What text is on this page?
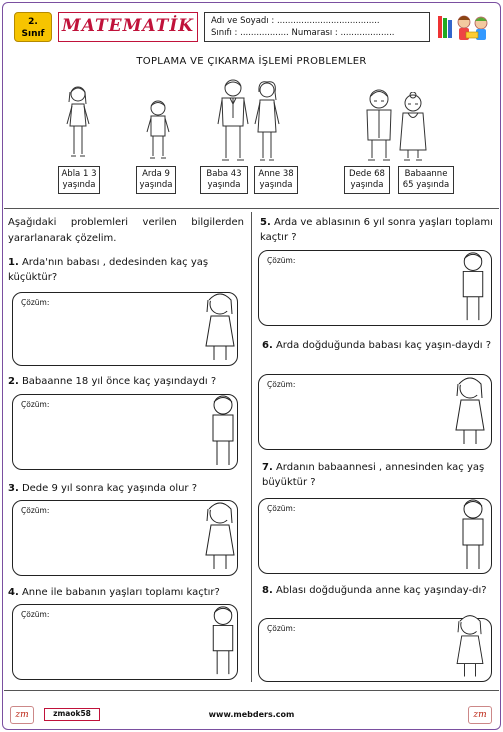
2.
Sınıf	MATEMATİK	Adı ve Soyadı : ......................................
Sınıfı : .................. Numarası : ....................
TOPLAMA VE ÇIKARMA İŞLEMİ PROBLEMLER
Abla 1 3
yaşında
Arda 9
yaşında
Baba 43
yaşında
Anne 38
yaşında
Dede 68
yaşında
Babaanne
65 yaşında
Aşağıdaki problemleri verilen bilgilerden yararlanarak çözelim.
1. Arda'nın babası , dedesinden kaç yaş küçüktür?
Çözüm:
2. Babaanne 18 yıl önce kaç yaşındaydı ?
Çözüm:
3. Dede 9 yıl sonra kaç yaşında olur ?
Çözüm:
4. Anne ile babanın yaşları toplamı kaçtır?
Çözüm:
5. Arda ve ablasının 6 yıl sonra yaşları toplamı kaçtır ?
Çözüm:
6. Arda doğduğunda babası kaç yaşın-daydı ?
Çözüm:
7. Ardanın babaannesi , annesinden kaç yaş büyüktür ?
Çözüm:
8. Ablası doğduğunda anne kaç yaşınday-dı?
Çözüm:
zm	zmaok58	www.mebders.com	zm
